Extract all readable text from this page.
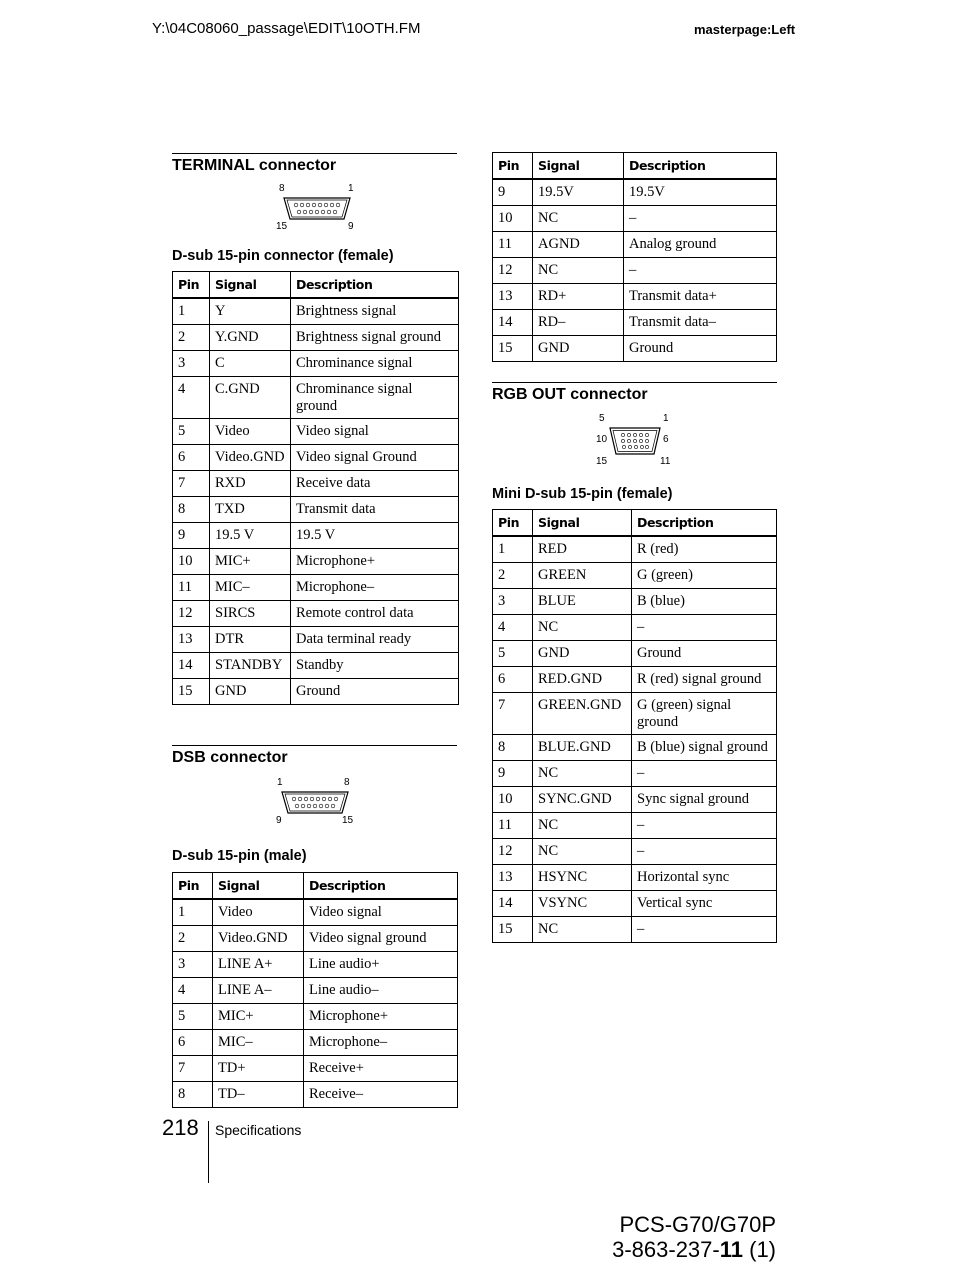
Y:\04C08060_passage\EDIT\10OTH.FM	masterpage:Left
TERMINAL connector
8	1
15	9
D-sub 15-pin connector (female)
Pin	Signal	Description
1	Y	Brightness signal
2	Y.GND	Brightness signal ground
3	C	Chrominance signal
4	C.GND	Chrominance signal ground
5	Video	Video signal
6	Video.GND	Video signal Ground
7	RXD	Receive data
8	TXD	Transmit data
9	19.5 V	19.5 V
10	MIC+	Microphone+
11	MIC–	Microphone–
12	SIRCS	Remote control data
13	DTR	Data terminal ready
14	STANDBY	Standby
15	GND	Ground
DSB connector
1	8
9	15
D-sub 15-pin (male)
Pin	Signal	Description
1	Video	Video signal
2	Video.GND	Video signal ground
3	LINE A+	Line audio+
4	LINE A–	Line audio–
5	MIC+	Microphone+
6	MIC–	Microphone–
7	TD+	Receive+
8	TD–	Receive–
Pin	Signal	Description
9	19.5V	19.5V
10	NC	–
11	AGND	Analog ground
12	NC	–
13	RD+	Transmit data+
14	RD–	Transmit data–
15	GND	Ground
RGB OUT connector
5	1
10	6
15	11
Mini D-sub 15-pin (female)
Pin	Signal	Description
1	RED	R (red)
2	GREEN	G (green)
3	BLUE	B (blue)
4	NC	–
5	GND	Ground
6	RED.GND	R (red) signal ground
7	GREEN.GND	G (green) signal ground
8	BLUE.GND	B (blue) signal ground
9	NC	–
10	SYNC.GND	Sync signal ground
11	NC	–
12	NC	–
13	HSYNC	Horizontal sync
14	VSYNC	Vertical sync
15	NC	–
218 Specifications
PCS-G70/G70P
3-863-237-11 (1)
